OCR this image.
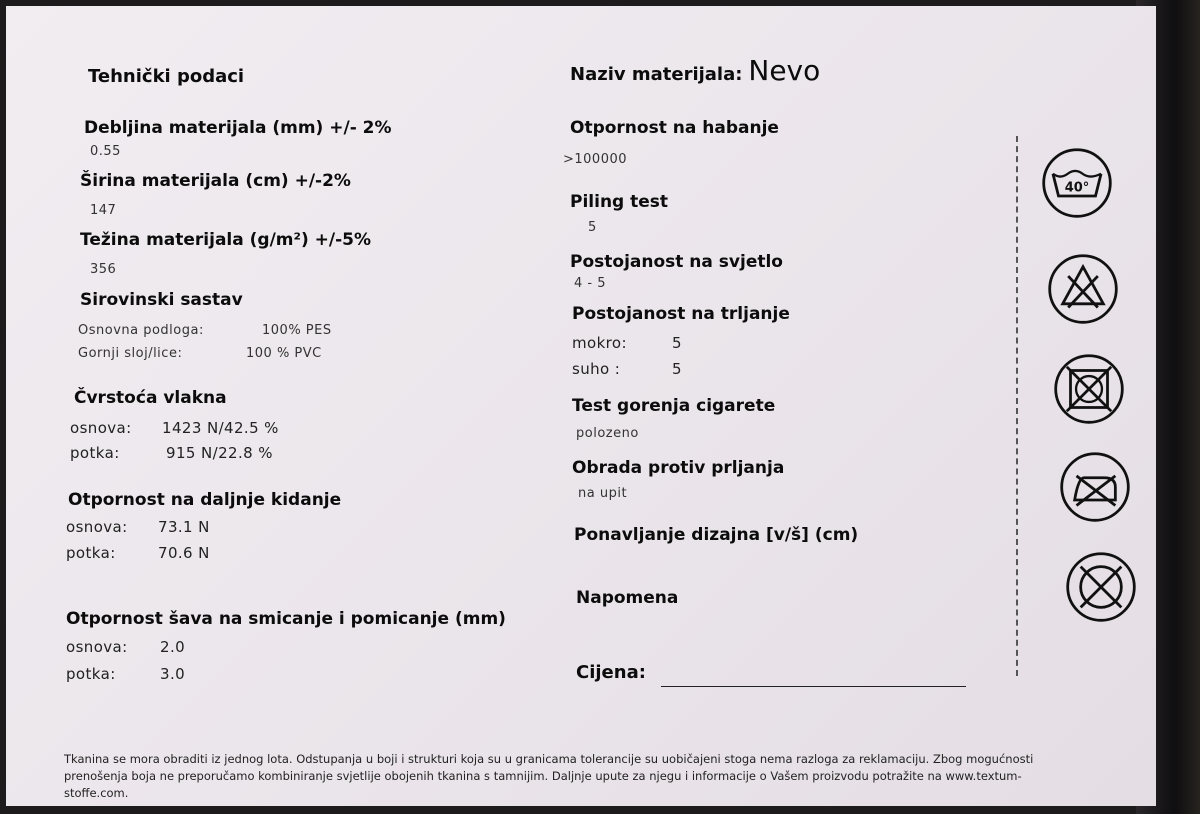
Tehnički podaci
Debljina materijala (mm) +/- 2%
0.55
Širina materijala (cm) +/-2%
147
Težina materijala (g/m²) +/-5%
356
Sirovinski sastav
Osnovna podloga:	100% PES
Gornji sloj/lice:	100 % PVC
Čvrstoća vlakna
osnova: 1423 N/42.5 %
potka:	915 N/22.8 %
Otpornost na daljnje kidanje
osnova: 73.1 N
potka:	70.6 N
Otpornost šava na smicanje i pomicanje (mm)
osnova: 2.0
potka:	3.0
Naziv materijala: Nevo
Otpornost na habanje
>100000
Piling test
5
Postojanost na svjetlo
4 - 5
Postojanost na trljanje
mokro:	5
suho :	5
Test gorenja cigarete
polozeno
Obrada protiv prljanja
na upit
Ponavljanje dizajna [v/š] (cm)
Napomena
Cijena:
40°
Tkanina se mora obraditi iz jednog lota. Odstupanja u boji i strukturi koja su u granicama tolerancije su uobičajeni stoga nema razloga za reklamaciju. Zbog mogućnosti prenošenja boja ne preporučamo kombiniranje svjetlije obojenih tkanina s tamnijim. Daljnje upute za njegu i informacije o Vašem proizvodu potražite na www.textum-stoffe.com.
